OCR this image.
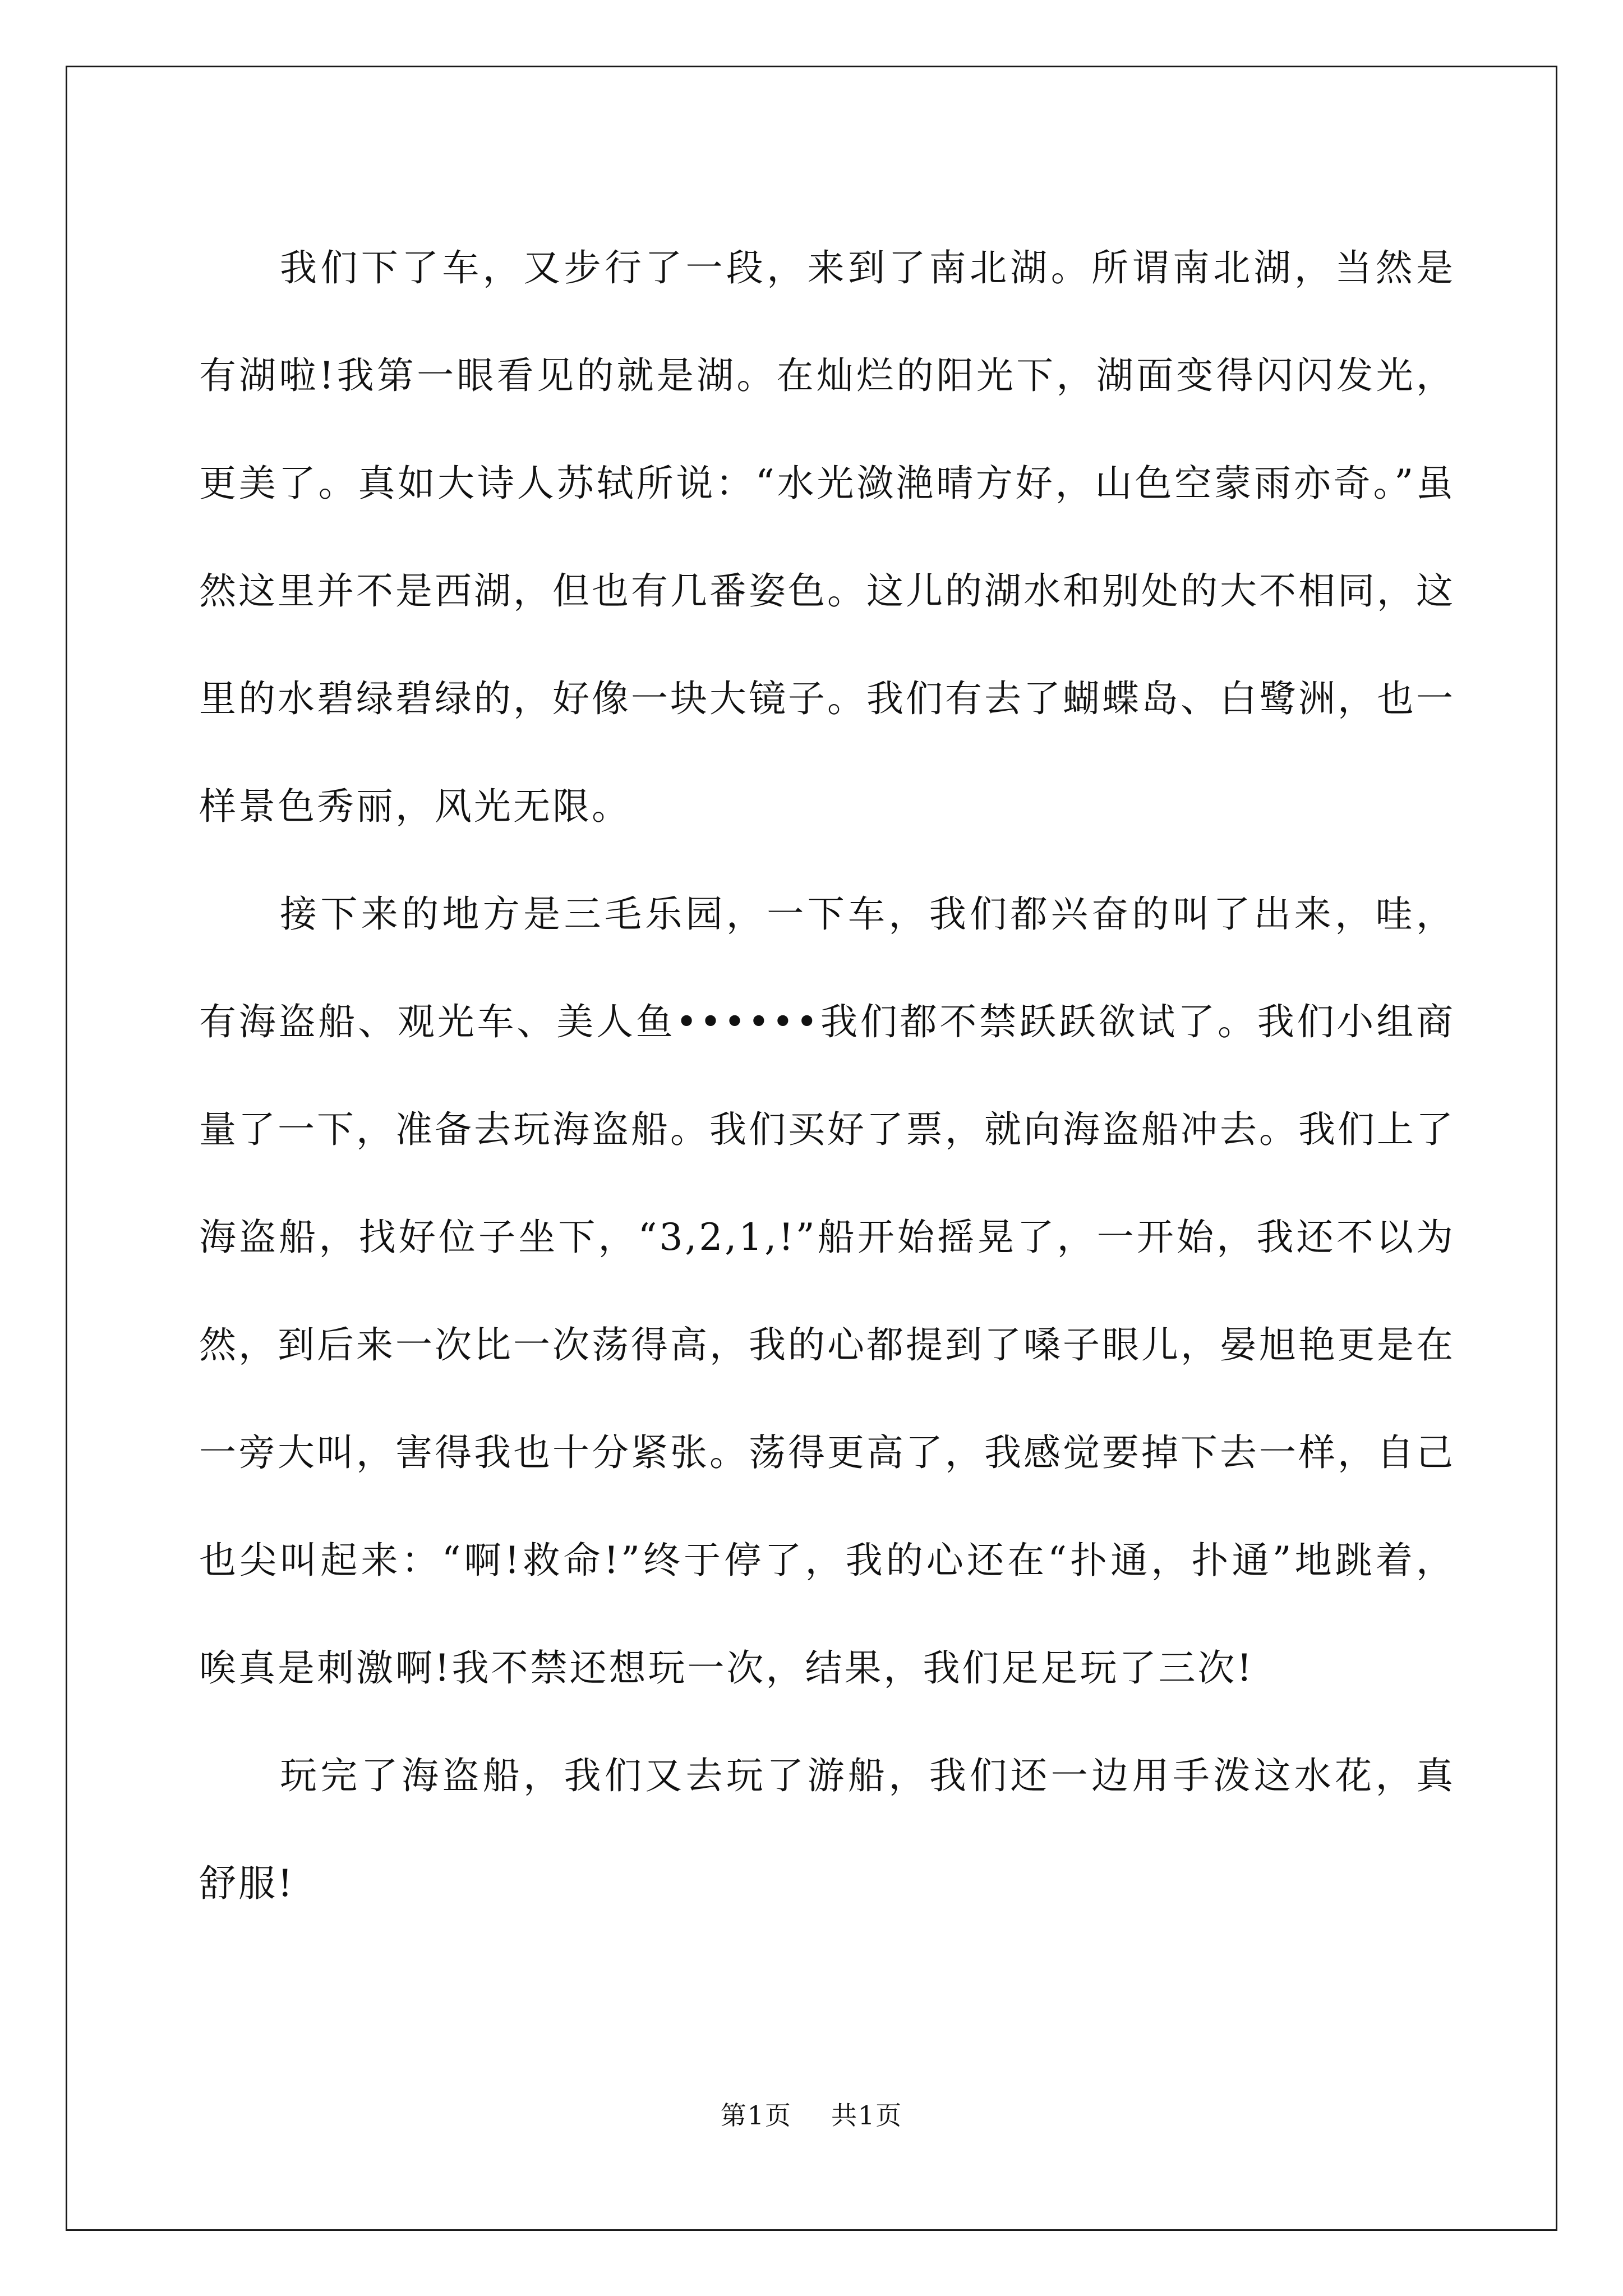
我们下了车，又步行了一段，来到了南北湖。所谓南北湖，当然是有湖啦!我第一眼看见的就是湖。在灿烂的阳光下，湖面变得闪闪发光，更美了。真如大诗人苏轼所说：“水光潋滟晴方好，山色空蒙雨亦奇。”虽然这里并不是西湖，但也有几番姿色。这儿的湖水和别处的大不相同，这里的水碧绿碧绿的，好像一块大镜子。我们有去了蝴蝶岛、白鹭洲，也一样景色秀丽，风光无限。

接下来的地方是三毛乐园，一下车，我们都兴奋的叫了出来，哇，有海盗船、观光车、美人鱼••••••我们都不禁跃跃欲试了。我们小组商量了一下，准备去玩海盗船。我们买好了票，就向海盗船冲去。我们上了海盗船，找好位子坐下，“3,2,1,!”船开始摇晃了，一开始，我还不以为然，到后来一次比一次荡得高，我的心都提到了嗓子眼儿，晏旭艳更是在一旁大叫，害得我也十分紧张。荡得更高了，我感觉要掉下去一样，自己也尖叫起来：“啊!救命!”终于停了，我的心还在“扑通，扑通”地跳着，唉真是刺激啊!我不禁还想玩一次，结果，我们足足玩了三次!

玩完了海盗船，我们又去玩了游船，我们还一边用手泼这水花，真舒服!

第1页 共1页
